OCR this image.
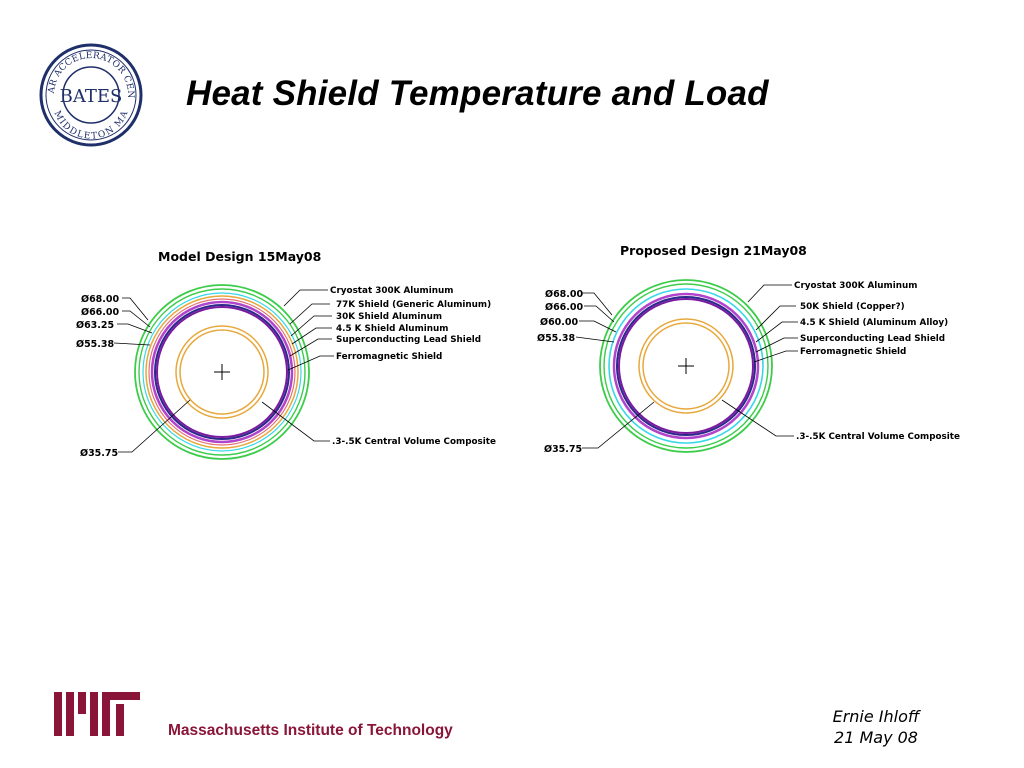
AR ACCELERATOR CEN
MIDDLETON MA
BATES Heat Shield Temperature and Load
Model Design 15May08
Ø68.00
Ø66.00
Ø63.25
Ø55.38
Ø35.75
Cryostat 300K Aluminum
77K Shield (Generic Aluminum)
30K Shield Aluminum
4.5 K Shield Aluminum
Superconducting Lead Shield
Ferromagnetic Shield
.3-.5K Central Volume Composite
Proposed Design 21May08
Ø68.00
Ø66.00
Ø60.00
Ø55.38
Ø35.75
Cryostat 300K Aluminum
50K Shield (Copper?)
4.5 K Shield (Aluminum Alloy)
Superconducting Lead Shield
Ferromagnetic Shield
.3-.5K Central Volume Composite
Massachusetts Institute of Technology
Ernie Ihloff
21 May 08
